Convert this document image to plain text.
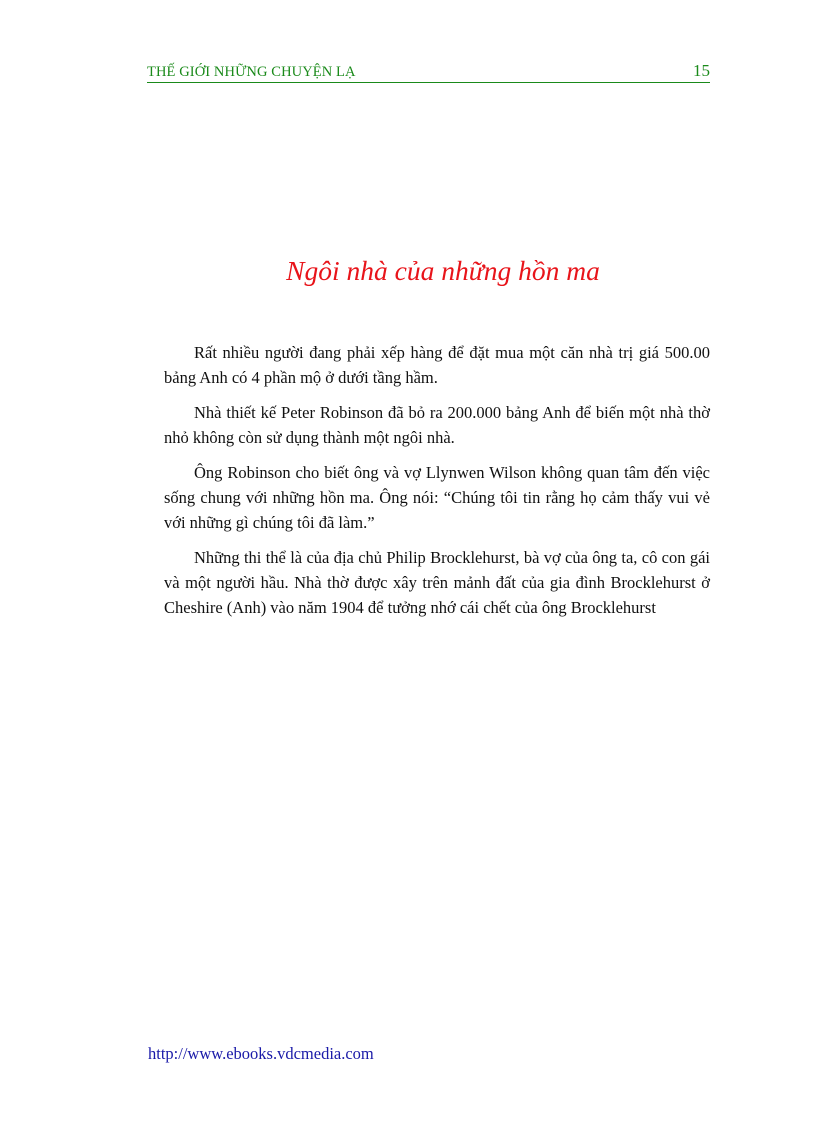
THẾ GIỚI NHỮNG CHUYỆN LẠ	15
Ngôi nhà của những hồn ma

Rất nhiều người đang phải xếp hàng để đặt mua một căn nhà trị giá 500.00 bảng Anh có 4 phần mộ ở dưới tầng hầm.

Nhà thiết kế Peter Robinson đã bỏ ra 200.000 bảng Anh để biến một nhà thờ nhỏ không còn sử dụng thành một ngôi nhà.

Ông Robinson cho biết ông và vợ Llynwen Wilson không quan tâm đến việc sống chung với những hồn ma. Ông nói: “Chúng tôi tin rằng họ cảm thấy vui vẻ với những gì chúng tôi đã làm.”

Những thi thể là của địa chủ Philip Brocklehurst, bà vợ của ông ta, cô con gái và một người hầu. Nhà thờ được xây trên mảnh đất của gia đình Brocklehurst ở Cheshire (Anh) vào năm 1904 để tưởng nhớ cái chết của ông Brocklehurst

http://www.ebooks.vdcmedia.com
